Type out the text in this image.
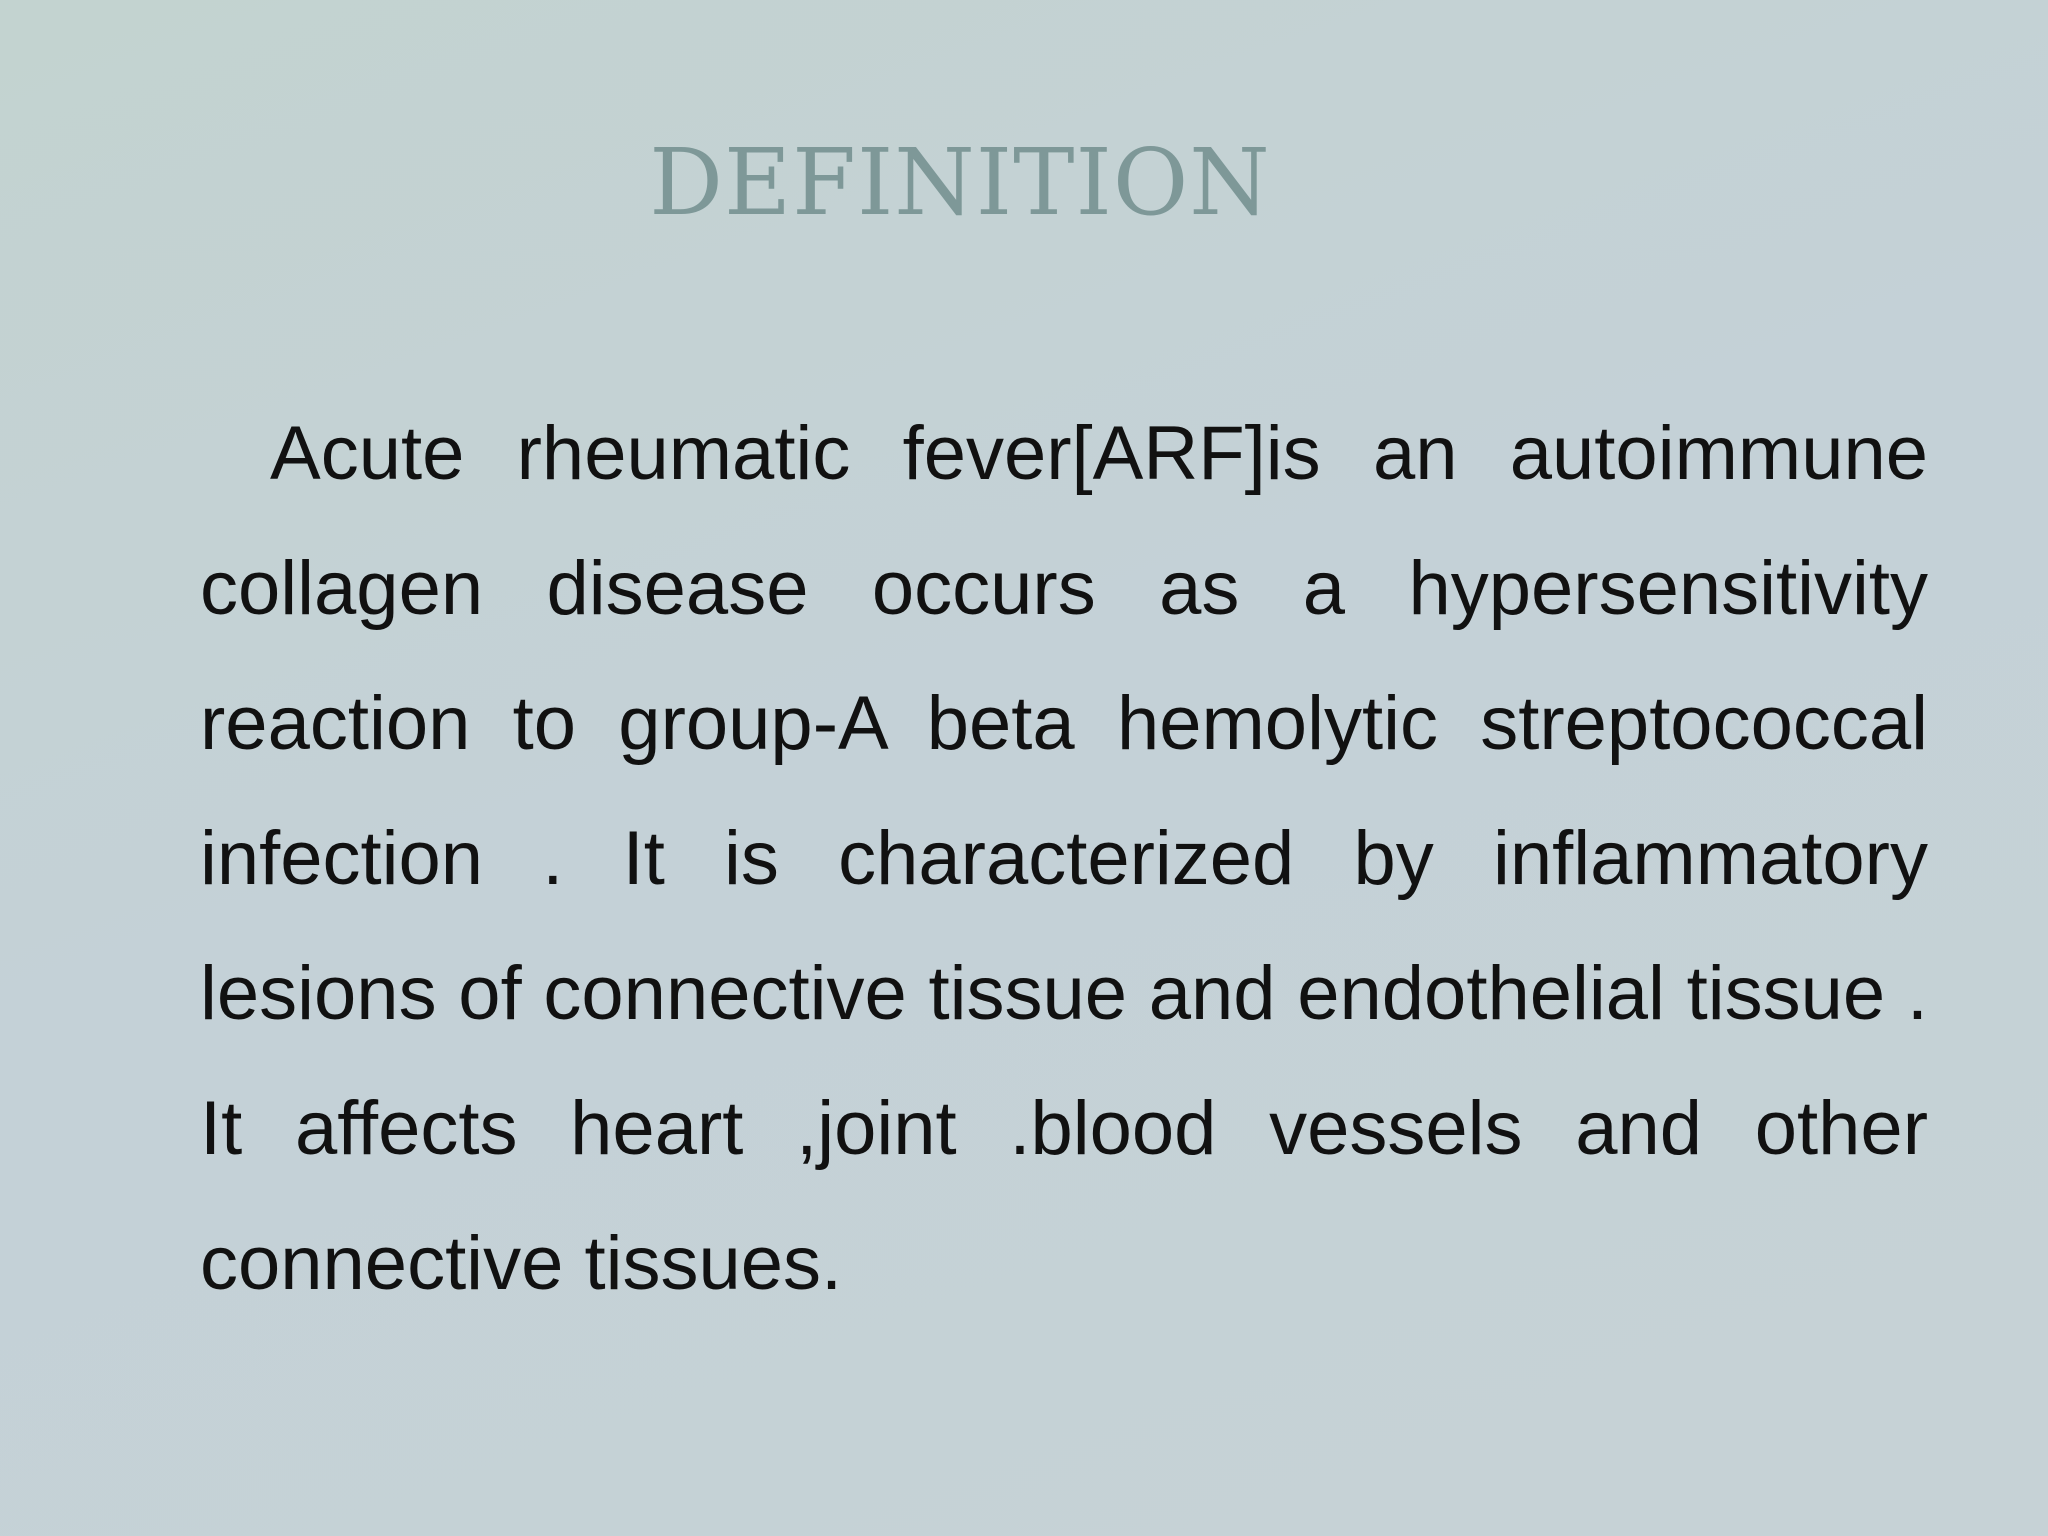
DEFINITION

Acute rheumatic fever[ARF]is an autoimmune collagen disease occurs as a hypersensitivity reaction to group-A beta hemolytic streptococcal infection . It is characterized by inflammatory lesions of connective tissue and endothelial tissue . It affects heart ,joint .blood vessels and other connective tissues.
